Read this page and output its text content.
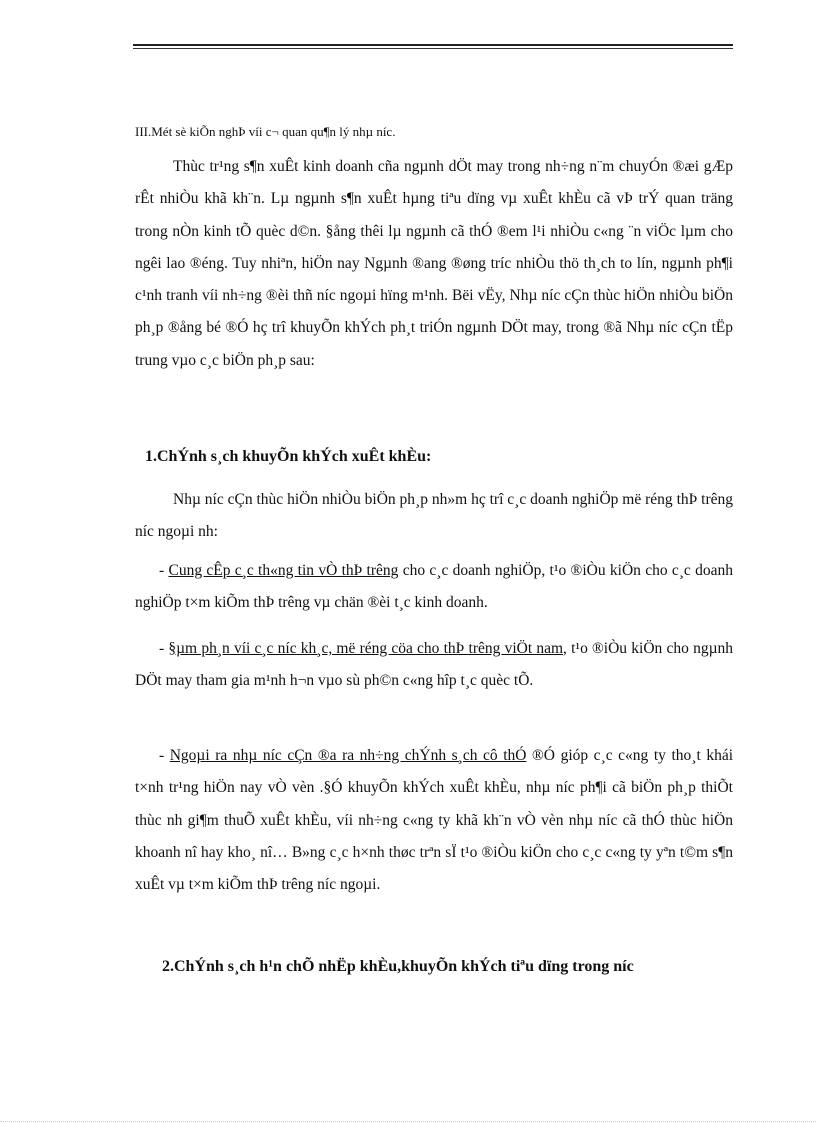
III.Mét sè kiÕn nghÞ víi c¬ quan qu¶n lý nhµ níc.

Thùc tr¹ng s¶n xuÊt kinh doanh cña ngµnh dÖt may trong nh÷ng n¨m chuyÓn ®æi gÆp rÊt nhiÒu khã kh¨n. Lµ ngµnh s¶n xuÊt hµng tiªu dïng vµ xuÊt khÈu cã vÞ trÝ quan träng trong nÒn kinh tÕ quèc d©n. §ång thêi lµ ngµnh cã thÓ ®em l¹i nhiÒu c«ng ¨n viÖc lµm cho ngêi lao ®éng. Tuy nhiªn, hiÖn nay Ngµnh ®ang ®øng tríc nhiÒu thö th¸ch to lín, ngµnh ph¶i c¹nh tranh víi nh÷ng ®èi thñ níc ngoµi hïng m¹nh. Bëi vËy, Nhµ níc cÇn thùc hiÖn nhiÒu biÖn ph¸p ®ång bé ®Ó hç trî khuyÕn khÝch ph¸t triÓn ngµnh DÖt may, trong ®ã Nhµ níc cÇn tËp trung vµo c¸c biÖn ph¸p sau:

1.ChÝnh s¸ch khuyÕn khÝch xuÊt khÈu:

Nhµ níc cÇn thùc hiÖn nhiÒu biÖn ph¸p nh»m hç trî c¸c doanh nghiÖp më réng thÞ trêng níc ngoµi nh:

- Cung cÊp c¸c th«ng tin vÒ thÞ trêng cho c¸c doanh nghiÖp, t¹o ®iÒu kiÖn cho c¸c doanh nghiÖp t×m kiÕm thÞ trêng vµ chän ®èi t¸c kinh doanh.

- §µm ph¸n víi c¸c níc kh¸c, më réng cöa cho thÞ trêng viÖt nam, t¹o ®iÒu kiÖn cho ngµnh DÖt may tham gia m¹nh h¬n vµo sù ph©n c«ng hîp t¸c quèc tÕ.

- Ngoµi ra nhµ níc cÇn ®a ra nh÷ng chÝnh s¸ch cô thÓ ®Ó gióp c¸c c«ng ty tho¸t khái t×nh tr¹ng hiÖn nay vÒ vèn .§Ó khuyÕn khÝch xuÊt khÈu, nhµ níc ph¶i cã biÖn ph¸p thiÕt thùc nh gi¶m thuÕ xuÊt khÈu, víi nh÷ng c«ng ty khã kh¨n vÒ vèn nhµ níc cã thÓ thùc hiÖn khoanh nî hay kho¸ nî… B»ng c¸c h×nh thøc trªn sÏ t¹o ®iÒu kiÖn cho c¸c c«ng ty yªn t©m s¶n xuÊt vµ t×m kiÕm thÞ trêng níc ngoµi.

2.ChÝnh s¸ch h¹n chÕ nhËp khÈu,khuyÕn khÝch tiªu dïng trong níc
